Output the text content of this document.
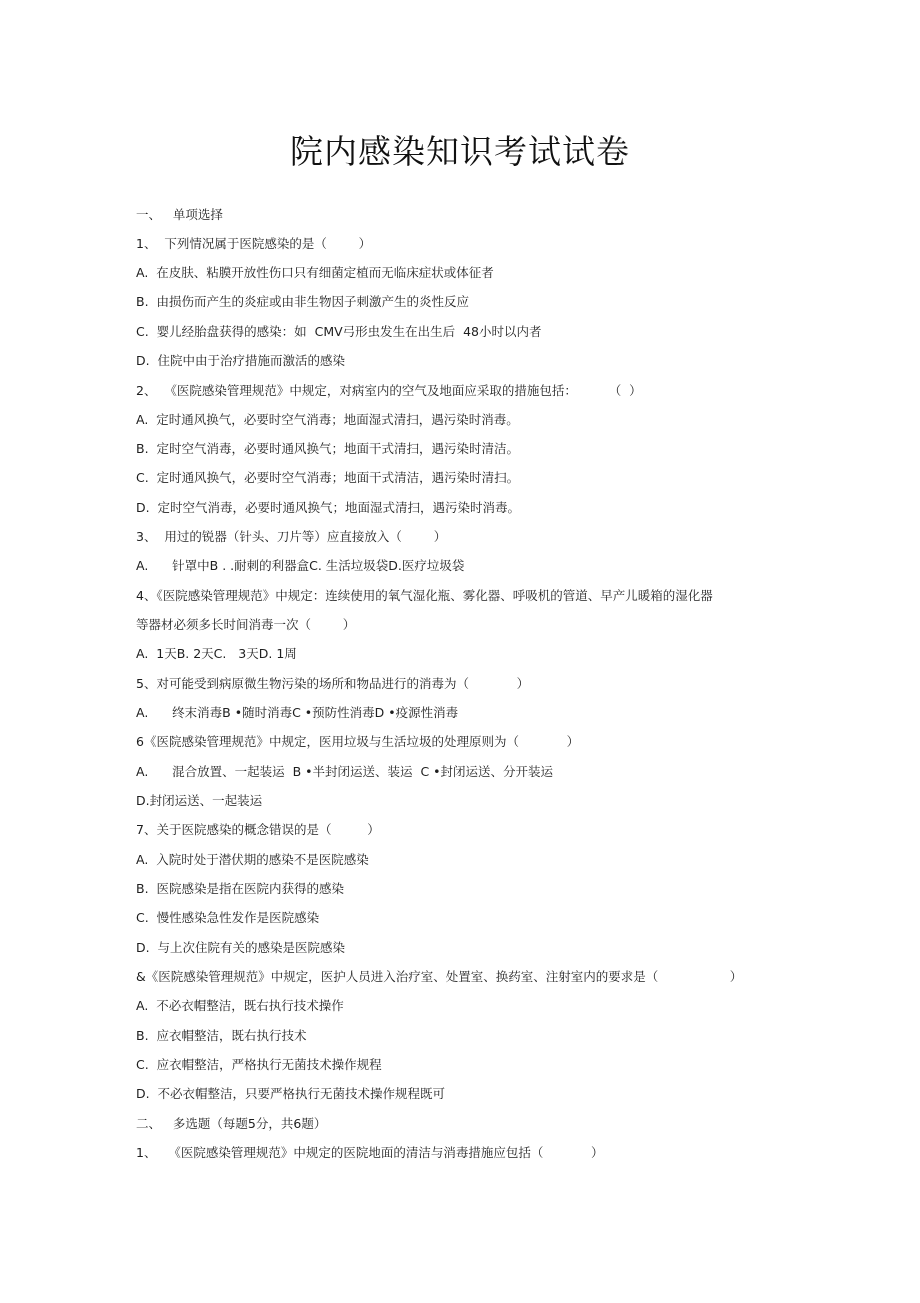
院内感染知识考试试卷
一、   单项选择
1、  下列情况属于医院感染的是（        ）
A.  在皮肤、粘膜开放性伤口只有细菌定植而无临床症状或体征者
B.  由损伤而产生的炎症或由非生物因子刺激产生的炎性反应
C.  婴儿经胎盘获得的感染：如  CMV弓形虫发生在出生后  48小时以内者
D.  住院中由于治疗措施而激活的感染
2、  《医院感染管理规范》中规定，对病室内的空气及地面应采取的措施包括：        （  ）
A.  定时通风换气，必要时空气消毒；地面湿式清扫，遇污染时消毒。
B.  定时空气消毒，必要时通风换气；地面干式清扫，遇污染时清洁。
C.  定时通风换气，必要时空气消毒；地面干式清洁，遇污染时清扫。
D.  定时空气消毒，必要时通风换气；地面湿式清扫，遇污染时消毒。
3、  用过的锐器（针头、刀片等）应直接放入（        ）
A.      针罩中B . .耐刺的利器盒C. 生活垃圾袋D.医疗垃圾袋
4、《医院感染管理规范》中规定：连续使用的氧气湿化瓶、雾化器、呼吸机的管道、早产儿暖箱的湿化器
等器材必须多长时间消毒一次（        ）
A.  1天B. 2天C.   3天D. 1周
5、对可能受到病原微生物污染的场所和物品进行的消毒为（            ）
A.      终末消毒B •随时消毒C •预防性消毒D •疫源性消毒
6《医院感染管理规范》中规定，医用垃圾与生活垃圾的处理原则为（            ）
A.      混合放置、一起装运  B •半封闭运送、装运  C •封闭运送、分开装运
D.封闭运送、一起装运
7、关于医院感染的概念错误的是（         ）
A.  入院时处于潜伏期的感染不是医院感染
B.  医院感染是指在医院内获得的感染
C.  慢性感染急性发作是医院感染
D.  与上次住院有关的感染是医院感染
&《医院感染管理规范》中规定，医护人员进入治疗室、处置室、换药室、注射室内的要求是（                  ）
A.  不必衣帽整洁，既右执行技术操作
B.  应衣帽整洁，既右执行技术
C.  应衣帽整洁，严格执行无菌技术操作规程
D.  不必衣帽整洁，只要严格执行无菌技术操作规程既可
二、   多选题（每题5分，共6题）
1、   《医院感染管理规范》中规定的医院地面的清洁与消毒措施应包括（            ）
